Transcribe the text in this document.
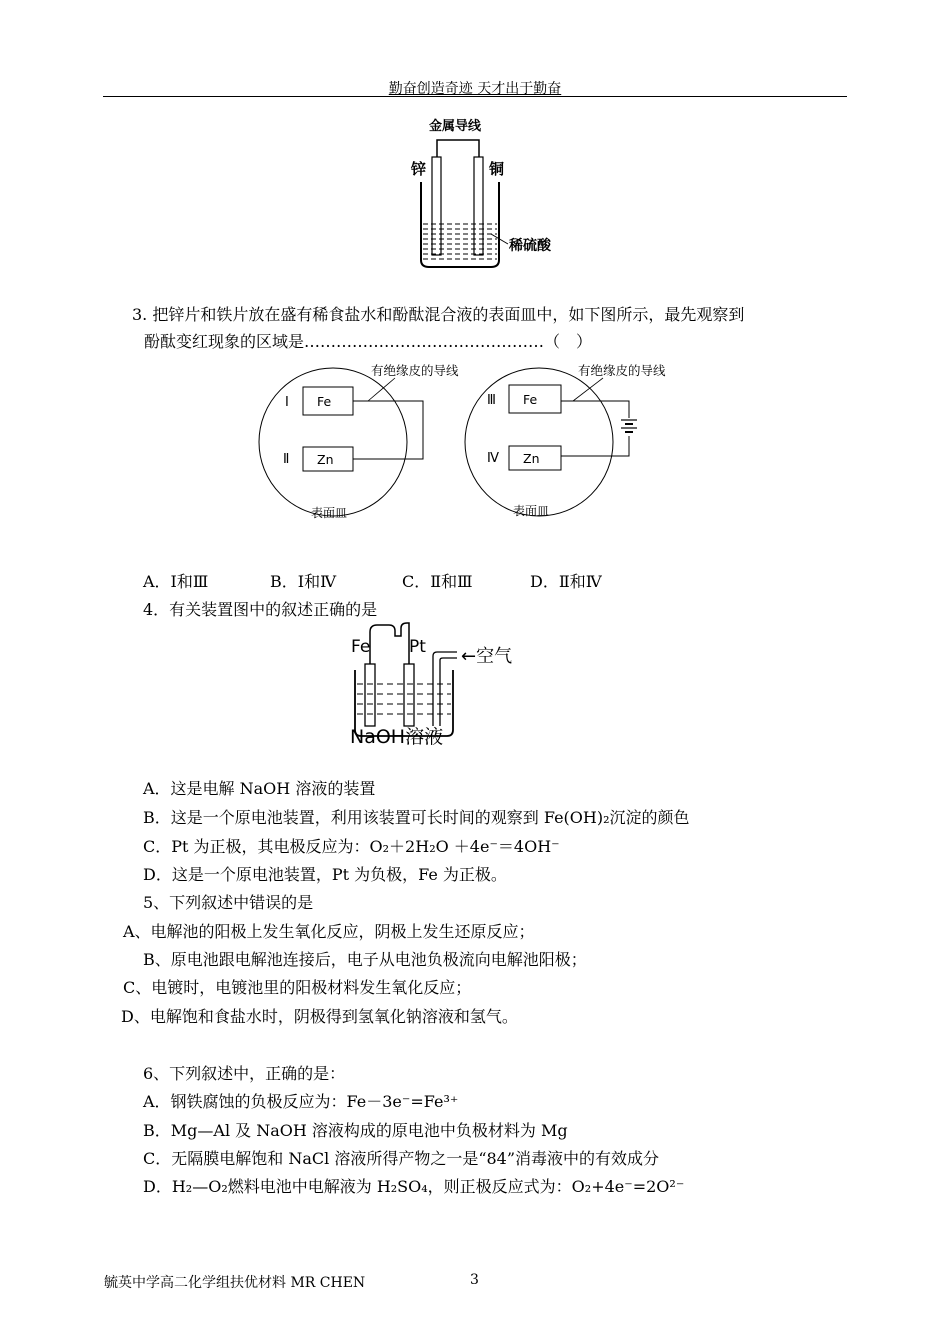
勤奋创造奇迹 天才出于勤奋
金属导线
锌	铜
稀硫酸
3. 把锌片和铁片放在盛有稀食盐水和酚酞混合液的表面皿中，如下图所示，最先观察到
酚酞变红现象的区域是………………………………………（　）
有绝缘皮的导线
Fe
Zn
Ⅰ
Ⅱ
表面皿
有绝缘皮的导线
Fe
Zn
Ⅲ
Ⅳ
表面皿
A．Ⅰ和Ⅲ	B．Ⅰ和Ⅳ	C．Ⅱ和Ⅲ	D．Ⅱ和Ⅳ
4．有关装置图中的叙述正确的是
Fe Pt ←空气
NaOH溶液
A．这是电解 NaOH 溶液的装置
B．这是一个原电池装置，利用该装置可长时间的观察到 Fe(OH)₂沉淀的颜色
C．Pt 为正极，其电极反应为：O₂＋2H₂O ＋4e⁻＝4OH⁻
D．这是一个原电池装置，Pt 为负极，Fe 为正极。
5、下列叙述中错误的是
A、电解池的阳极上发生氧化反应，阴极上发生还原反应；
B、原电池跟电解池连接后，电子从电池负极流向电解池阳极；
C、电镀时，电镀池里的阳极材料发生氧化反应；
D、电解饱和食盐水时，阴极得到氢氧化钠溶液和氢气。
6、下列叙述中，正确的是：
A．钢铁腐蚀的负极反应为：Fe－3e⁻=Fe³⁺
B．Mg—Al 及 NaOH 溶液构成的原电池中负极材料为 Mg
C．无隔膜电解饱和 NaCl 溶液所得产物之一是“84”消毒液中的有效成分
D．H₂—O₂燃料电池中电解液为 H₂SO₄，则正极反应式为：O₂+4e⁻=2O²⁻
毓英中学高二化学组扶优材料 MR CHEN	3
